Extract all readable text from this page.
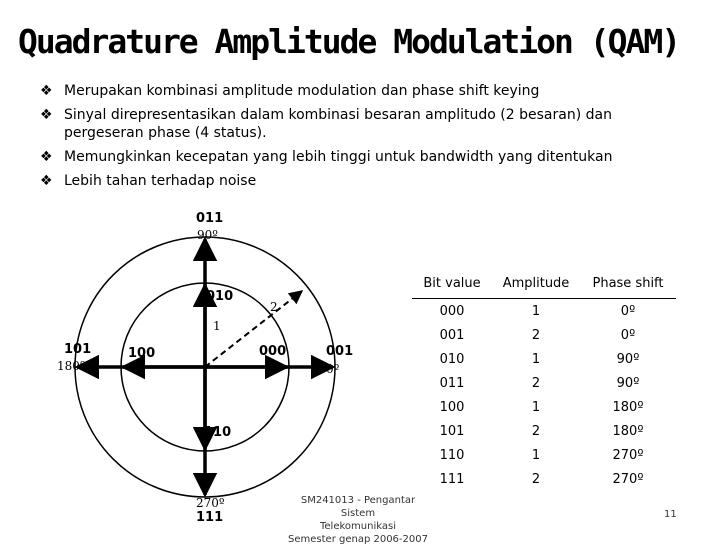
Quadrature Amplitude Modulation (QAM)
❖ Merupakan kombinasi amplitude modulation dan phase shift keying
❖ Sinyal direpresentasikan dalam kombinasi besaran amplitudo (2 besaran) dan pergeseran phase (4 status).
❖ Memungkinkan kecepatan yang lebih tinggi untuk bandwidth yang ditentukan
❖ Lebih tahan terhadap noise
011
90º
101
180º
270º
111
001
0º
010
100	000
110
1
2
Bit value	Amplitude	Phase shift
000	1	0º
001	2	0º
010	1	90º
011	2	90º
100	1	180º
101	2	180º
110	1	270º
111	2	270º
SM241013 - Pengantar Sistem
Telekomunikasi
Semester genap 2006-2007
11
